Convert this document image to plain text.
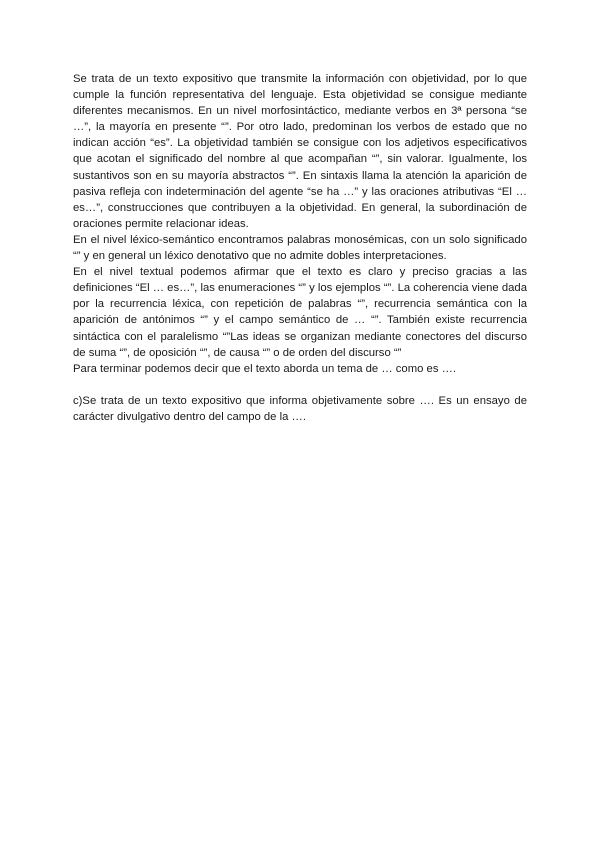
Se trata de un texto expositivo que transmite la información con objetividad, por lo que cumple la función representativa del lenguaje. Esta objetividad se consigue mediante diferentes mecanismos. En un nivel morfosintáctico, mediante verbos en 3ª persona “se …”, la mayoría en presente “”. Por otro lado, predominan los verbos de estado que no indican acción “es”. La objetividad también se consigue con los adjetivos especificativos que acotan el significado del nombre al que acompañan “”, sin valorar. Igualmente, los sustantivos son en su mayoría abstractos “”. En sintaxis llama la atención la aparición de pasiva refleja con indeterminación del agente “se ha …” y las oraciones atributivas “El … es…”, construcciones que contribuyen a la objetividad. En general, la subordinación de oraciones permite relacionar ideas.

En el nivel léxico-semántico encontramos palabras monosémicas, con un solo significado “” y en general un léxico denotativo que no admite dobles interpretaciones.

En el nivel textual podemos afirmar que el texto es claro y preciso gracias a las definiciones “El … es…”, las enumeraciones “” y los ejemplos “”. La coherencia viene dada por la recurrencia léxica, con repetición de palabras “”, recurrencia semántica con la aparición de antónimos “” y el campo semántico de … “”. También existe recurrencia sintáctica con el paralelismo “”Las ideas se organizan mediante conectores del discurso de suma “”, de oposición “”, de causa “” o de orden del discurso “”

Para terminar podemos decir que el texto aborda un tema de … como es ….

c)Se trata de un texto expositivo que informa objetivamente sobre …. Es un ensayo de carácter divulgativo dentro del campo de la ….
